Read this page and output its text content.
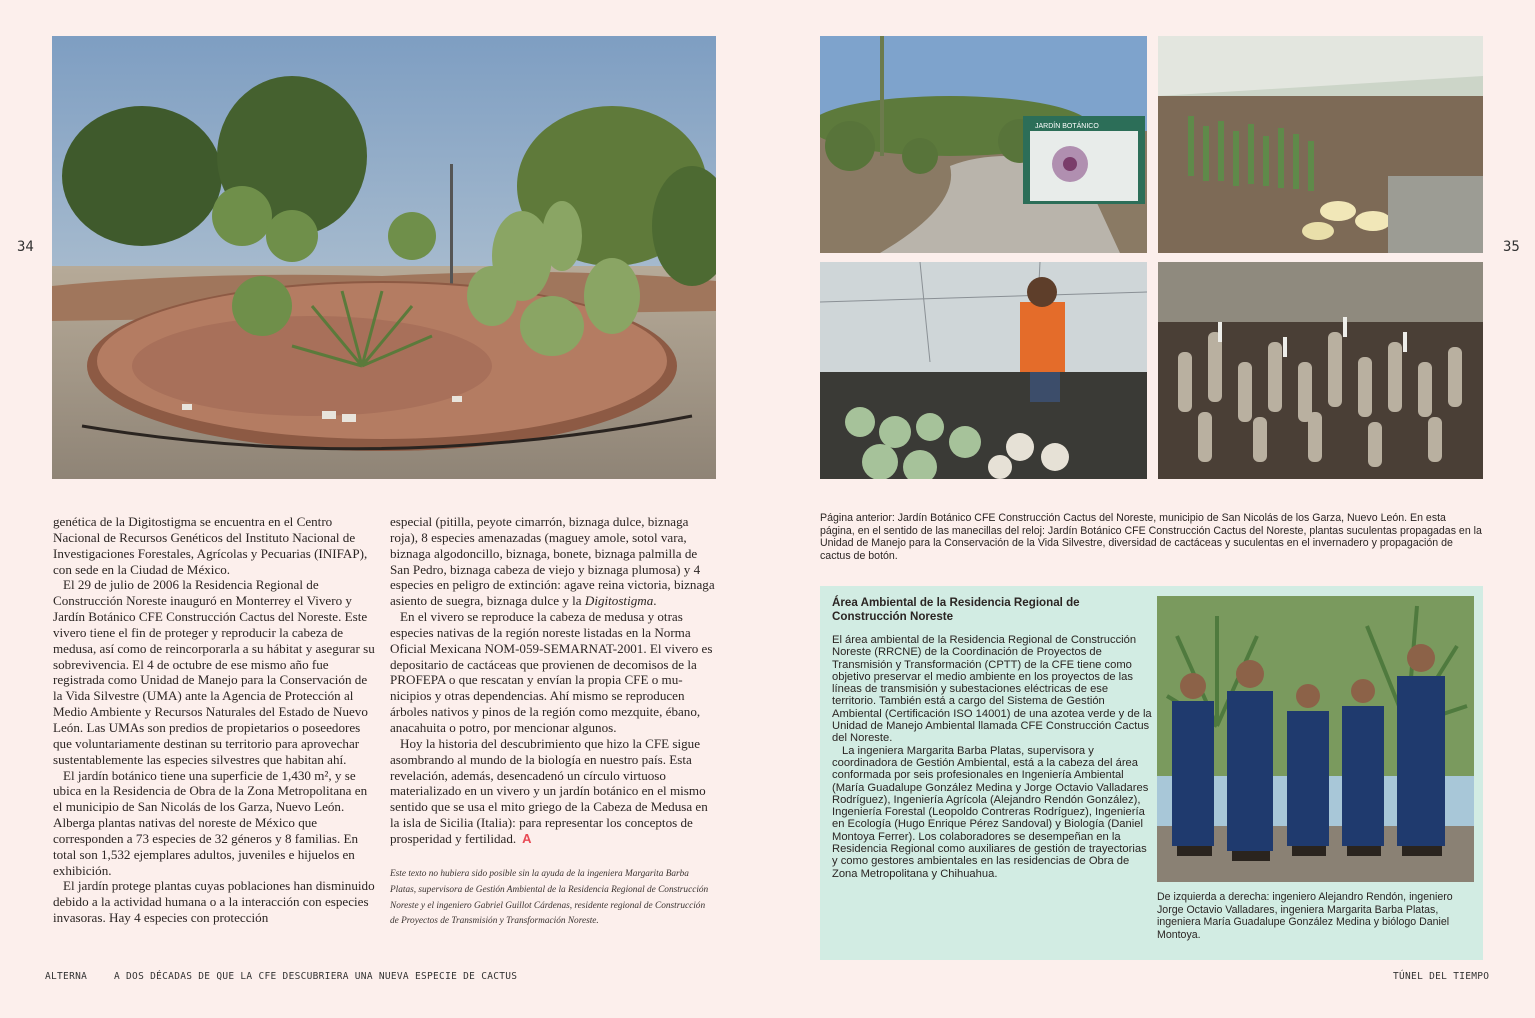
34	35
JARDÍN BOTÁNICO

genética de la Digitostigma se encuentra en el Centro Nacional de Recursos Genéticos del Instituto Nacional de Investigaciones Forestales, Agrícolas y Pecuarias (INIFAP), con sede en la Ciudad de México.

El 29 de julio de 2006 la Residencia Regional de Construcción Noreste inauguró en Monterrey el Vivero y Jardín Botánico CFE Construcción Cactus del Noreste. Este vivero tiene el fin de proteger y reproducir la cabeza de medusa, así como de reincorporarla a su hábitat y asegurar su sobrevivencia. El 4 de octubre de ese mismo año fue registrada como Unidad de Manejo para la Conservación de la Vida Silvestre (UMA) ante la Agencia de Protección al Medio Ambiente y Recursos Naturales del Estado de Nuevo León. Las UMAs son predios de propietarios o poseedores que voluntariamente destinan su territorio para aprovechar sustentablemente las especies silvestres que habitan ahí.

El jardín botánico tiene una superficie de 1,430 m², y se ubica en la Residencia de Obra de la Zona Metropolitana en el municipio de San Nicolás de los Garza, Nuevo León. Alberga plantas nativas del noreste de México que corresponden a 73 especies de 32 géneros y 8 familias. En total son 1,532 ejemplares adultos, juveniles e hijuelos en exhibición.

El jardín protege plantas cuyas poblaciones han disminuido debido a la actividad humana o a la interacción con especies invasoras. Hay 4 especies con protección

especial (pitilla, peyote cimarrón, biznaga dulce, biznaga roja), 8 especies amenazadas (maguey amole, sotol vara, biznaga algodoncillo, biznaga, bonete, biznaga palmilla de San Pedro, biznaga cabeza de viejo y biznaga plumosa) y 4 especies en peligro de extinción: agave reina victoria, biznaga asiento de suegra, biznaga dulce y la Digitostigma.

En el vivero se reproduce la cabeza de medusa y otras especies nativas de la región noreste listadas en la Norma Oficial Mexicana NOM-059-SEMARNAT-2001. El vivero es depositario de cactáceas que provienen de decomisos de la PROFEPA o que rescatan y envían la propia CFE o municipios y otras dependencias. Ahí mismo se reproducen árboles nativos y pinos de la región como mezquite, ébano, anacahuita o potro, por mencionar algunos.

Hoy la historia del descubrimiento que hizo la CFE sigue asombrando al mundo de la biología en nuestro país. Esta revelación, además, desencadenó un círculo virtuoso materializado en un vivero y un jardín botánico en el mismo sentido que se usa el mito griego de la Cabeza de Medusa en la isla de Sicilia (Italia): para representar los conceptos de prosperidad y fertilidad. A

Este texto no hubiera sido posible sin la ayuda de la ingeniera Margarita Barba Platas, supervisora de Gestión Ambiental de la Residencia Regional de Construcción Noreste y el ingeniero Gabriel Guillot Cárdenas, residente regional de Construcción de Proyectos de Transmisión y Transformación Noreste.
Página anterior: Jardín Botánico CFE Construcción Cactus del Noreste, municipio de San Nicolás de los Garza, Nuevo León. En esta página, en el sentido de las manecillas del reloj: Jardín Botánico CFE Construcción Cactus del Noreste, plantas suculentas propagadas en la Unidad de Manejo para la Conservación de la Vida Silvestre, diversidad de cactáceas y suculentas en el invernadero y propagación de cactus de botón.
Área Ambiental de la Residencia Regional de Construcción Noreste

El área ambiental de la Residencia Regional de Construcción Noreste (RRCNE) de la Coordinación de Proyectos de Transmisión y Transformación (CPTT) de la CFE tiene como objetivo preservar el medio ambiente en los proyectos de las líneas de transmisión y subestaciones eléctricas de ese territorio. También está a cargo del Sistema de Gestión Ambiental (Certificación ISO 14001) de una azotea verde y de la Unidad de Manejo Ambiental llamada CFE Construcción Cactus del Noreste.

La ingeniera Margarita Barba Platas, supervisora y coordinadora de Gestión Ambiental, está a la cabeza del área conformada por seis profesionales en Ingeniería Ambiental (María Guadalupe González Medina y Jorge Octavio Valladares Rodríguez), Ingeniería Agrícola (Alejandro Rendón González), Ingeniería Forestal (Leopoldo Contreras Rodríguez), Ingeniería en Ecología (Hugo Enrique Pérez Sandoval) y Biología (Daniel Montoya Ferrer). Los colaboradores se desempeñan en la Residencia Regional como auxiliares de gestión de trayectorias y como gestores ambientales en las residencias de Obra de Zona Metropolitana y Chihuahua.

De izquierda a derecha: ingeniero Alejandro Rendón, ingeniero Jorge Octavio Valladares, ingeniera Margarita Barba Platas, ingeniera María Guadalupe González Medina y biólogo Daniel Montoya.
ALTERNA	A DOS DÉCADAS DE QUE LA CFE DESCUBRIERA UNA NUEVA ESPECIE DE CACTUS	TÚNEL DEL TIEMPO
